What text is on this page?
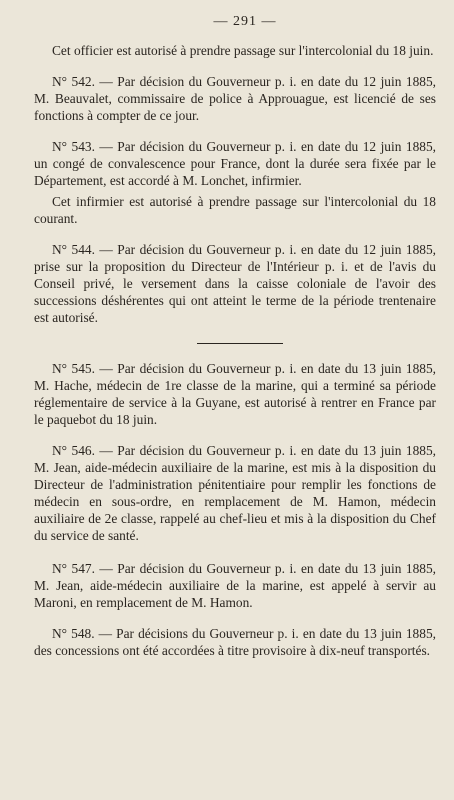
— 291 —

Cet officier est autorisé à prendre passage sur l'intercolonial du 18 juin.

N° 542. — Par décision du Gouverneur p. i. en date du 12 juin 1885, M. Beauvalet, commissaire de police à Approuague, est licencié de ses fonctions à compter de ce jour.

N° 543. — Par décision du Gouverneur p. i. en date du 12 juin 1885, un congé de convalescence pour France, dont la durée sera fixée par le Département, est accordé à M. Lonchet, infirmier.

Cet infirmier est autorisé à prendre passage sur l'intercolonial du 18 courant.

N° 544. — Par décision du Gouverneur p. i. en date du 12 juin 1885, prise sur la proposition du Directeur de l'Intérieur p. i. et de l'avis du Conseil privé, le versement dans la caisse coloniale de l'avoir des successions déshérentes qui ont atteint le terme de la période trentenaire est autorisé.

N° 545. — Par décision du Gouverneur p. i. en date du 13 juin 1885, M. Hache, médecin de 1re classe de la marine, qui a terminé sa période réglementaire de service à la Guyane, est autorisé à rentrer en France par le paquebot du 18 juin.

N° 546. — Par décision du Gouverneur p. i. en date du 13 juin 1885, M. Jean, aide-médecin auxiliaire de la marine, est mis à la disposition du Directeur de l'administration pénitentiaire pour remplir les fonctions de médecin en sous-ordre, en remplacement de M. Hamon, médecin auxiliaire de 2e classe, rappelé au chef-lieu et mis à la disposition du Chef du service de santé.

N° 547. — Par décision du Gouverneur p. i. en date du 13 juin 1885, M. Jean, aide-médecin auxiliaire de la marine, est appelé à servir au Maroni, en remplacement de M. Hamon.

N° 548. — Par décisions du Gouverneur p. i. en date du 13 juin 1885, des concessions ont été accordées à titre provisoire à dix-neuf transportés.
